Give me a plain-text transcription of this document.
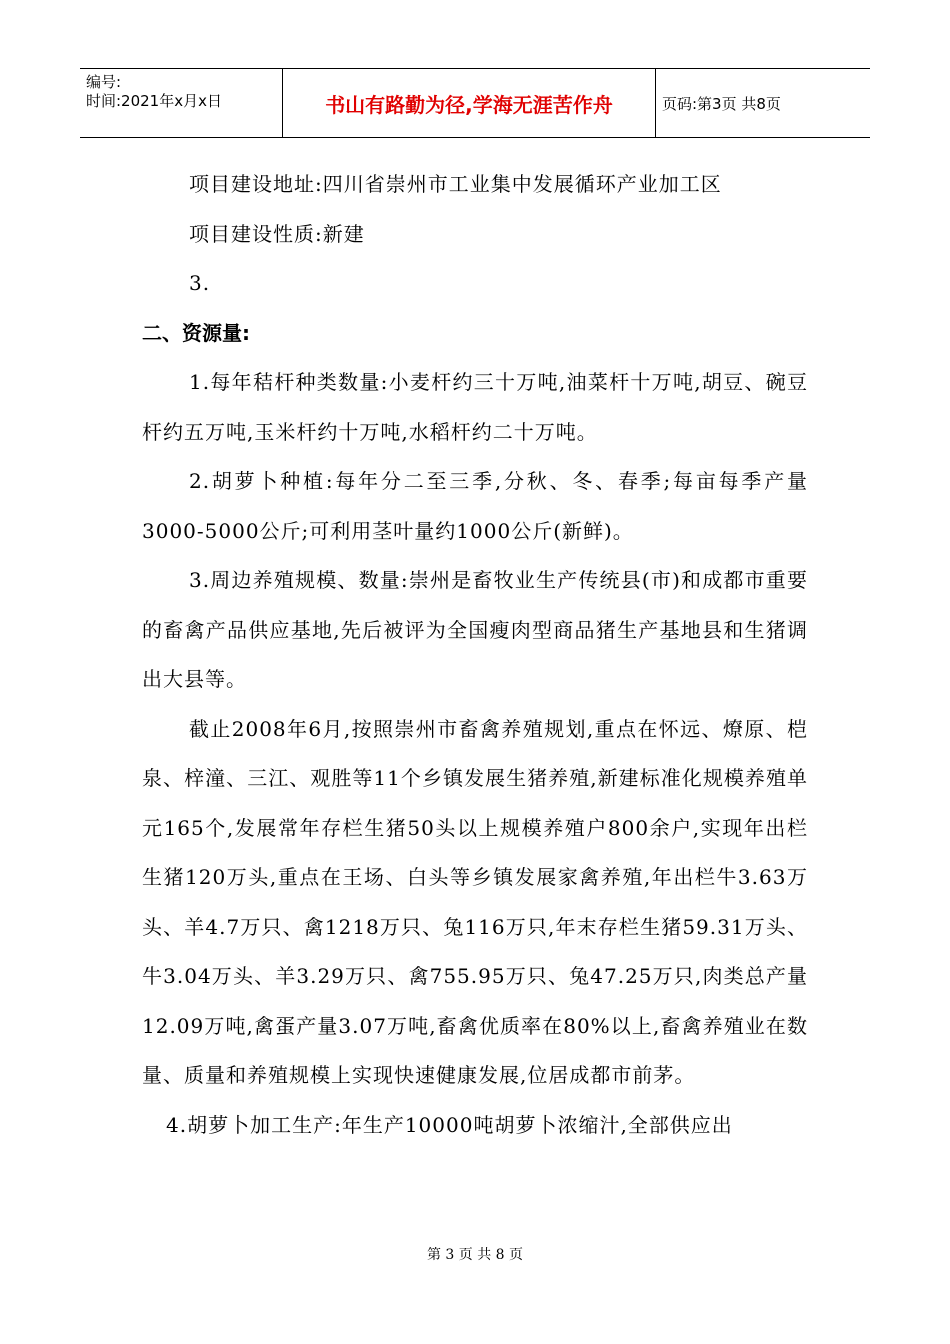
编号:
时间:2021年x月x日	书山有路勤为径,学海无涯苦作舟	页码:第3页 共8页

项目建设地址:四川省崇州市工业集中发展循环产业加工区

项目建设性质:新建

3.

二、资源量:

1.每年秸杆种类数量:小麦杆约三十万吨,油菜杆十万吨,胡豆、碗豆杆约五万吨,玉米杆约十万吨,水稻杆约二十万吨。

2.胡萝卜种植:每年分二至三季,分秋、冬、春季;每亩每季产量3000-5000公斤;可利用茎叶量约1000公斤(新鲜)。

3.周边养殖规模、数量:崇州是畜牧业生产传统县(市)和成都市重要的畜禽产品供应基地,先后被评为全国瘦肉型商品猪生产基地县和生猪调出大县等。

截止2008年6月,按照崇州市畜禽养殖规划,重点在怀远、燎原、桤泉、梓潼、三江、观胜等11个乡镇发展生猪养殖,新建标准化规模养殖单元165个,发展常年存栏生猪50头以上规模养殖户800余户,实现年出栏生猪120万头,重点在王场、白头等乡镇发展家禽养殖,年出栏牛3.63万头、羊4.7万只、禽1218万只、兔116万只,年末存栏生猪59.31万头、牛3.04万头、羊3.29万只、禽755.95万只、兔47.25万只,肉类总产量12.09万吨,禽蛋产量3.07万吨,畜禽优质率在80%以上,畜禽养殖业在数量、质量和养殖规模上实现快速健康发展,位居成都市前茅。

4.胡萝卜加工生产:年生产10000吨胡萝卜浓缩汁,全部供应出

第 3 页 共 8 页
